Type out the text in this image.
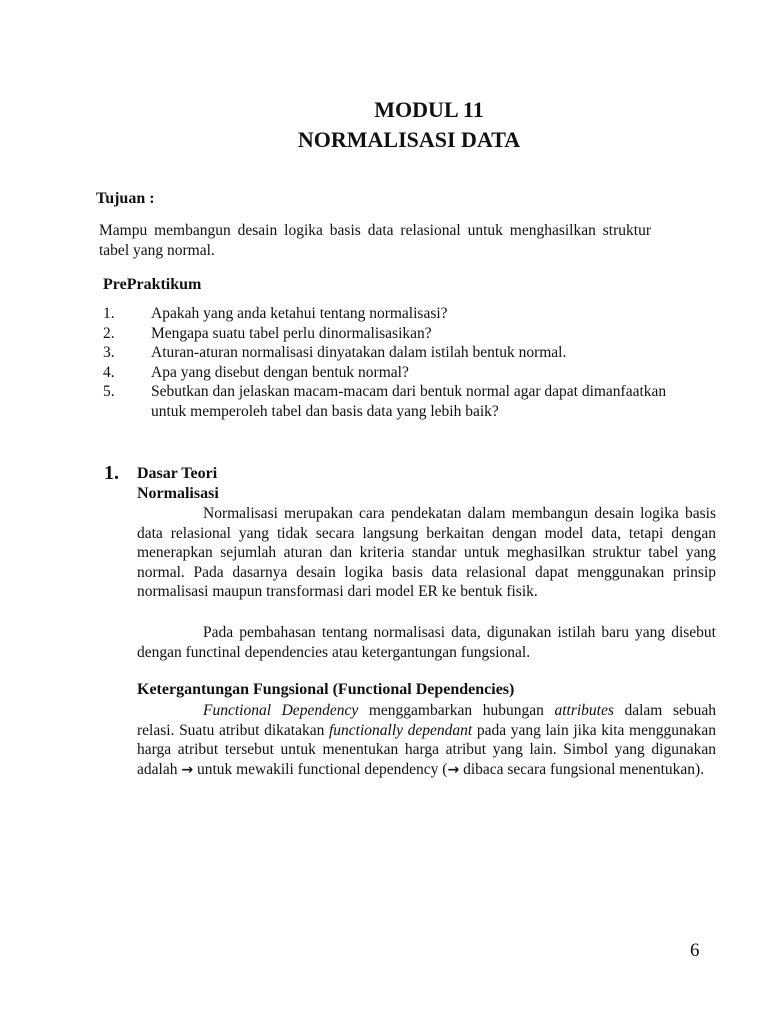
MODUL 11
NORMALISASI DATA
Tujuan :
Mampu membangun desain logika basis data relasional untuk menghasilkan struktur tabel yang normal.
PrePraktikum
1. Apakah yang anda ketahui tentang normalisasi?
2. Mengapa suatu tabel perlu dinormalisasikan?
3. Aturan-aturan normalisasi dinyatakan dalam istilah bentuk normal.
4. Apa yang disebut dengan bentuk normal?
5. Sebutkan dan jelaskan macam-macam dari bentuk normal agar dapat dimanfaatkan untuk memperoleh tabel dan basis data yang lebih baik?
1. Dasar Teori
Normalisasi
Normalisasi merupakan cara pendekatan dalam membangun desain logika basis data relasional yang tidak secara langsung berkaitan dengan model data, tetapi dengan menerapkan sejumlah aturan dan kriteria standar untuk meghasilkan struktur tabel yang normal. Pada dasarnya desain logika basis data relasional dapat menggunakan prinsip normalisasi maupun transformasi dari model ER ke bentuk fisik.
Pada pembahasan tentang normalisasi data, digunakan istilah baru yang disebut dengan functinal dependencies atau ketergantungan fungsional.
Ketergantungan Fungsional (Functional Dependencies)
Functional Dependency menggambarkan hubungan attributes dalam sebuah relasi. Suatu atribut dikatakan functionally dependant pada yang lain jika kita menggunakan harga atribut tersebut untuk menentukan harga atribut yang lain. Simbol yang digunakan adalah → untuk mewakili functional dependency (→ dibaca secara fungsional menentukan).
6
